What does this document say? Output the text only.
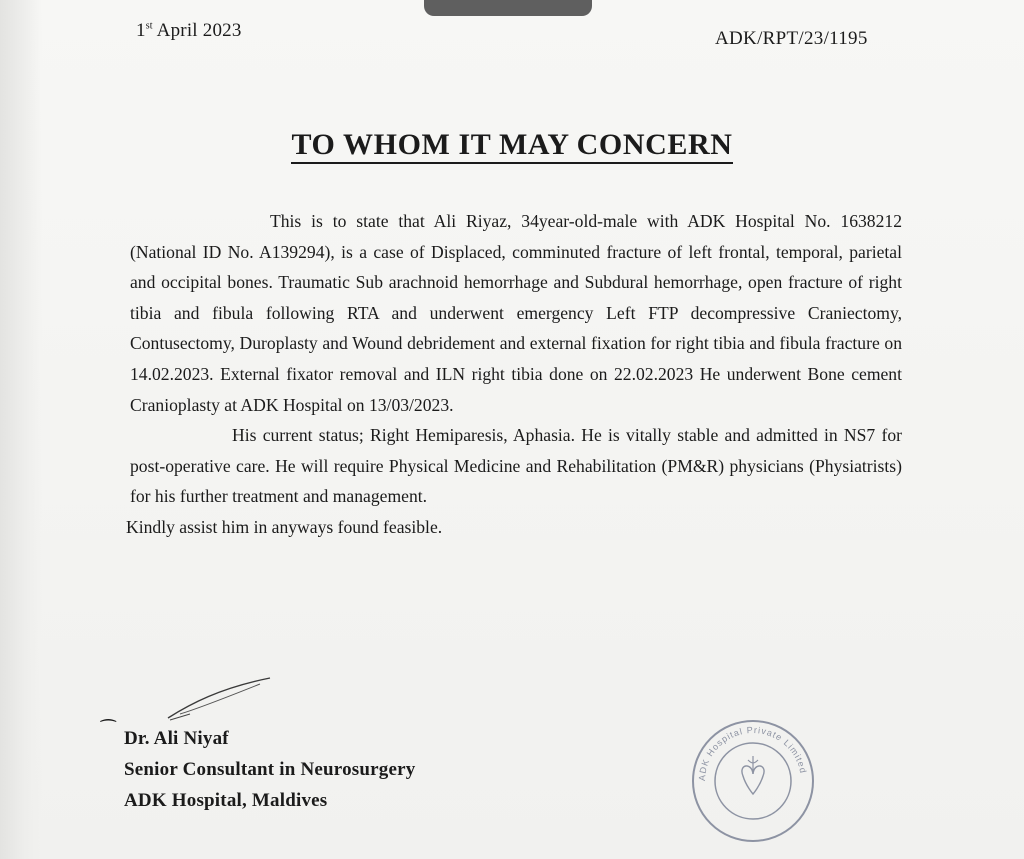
1st April 2023	ADK/RPT/23/1195
TO WHOM IT MAY CONCERN

This is to state that Ali Riyaz, 34year-old-male with ADK Hospital No. 1638212 (National ID No. A139294), is a case of Displaced, comminuted fracture of left frontal, temporal, parietal and occipital bones. Traumatic Sub arachnoid hemorrhage and Subdural hemorrhage, open fracture of right tibia and fibula following RTA and underwent emergency Left FTP decompressive Craniectomy, Contusectomy, Duroplasty and Wound debridement and external fixation for right tibia and fibula fracture on 14.02.2023. External fixator removal and ILN right tibia done on 22.02.2023 He underwent Bone cement Cranioplasty at ADK Hospital on 13/03/2023.

His current status; Right Hemiparesis, Aphasia. He is vitally stable and admitted in NS7 for post-operative care. He will require Physical Medicine and Rehabilitation (PM&R) physicians (Physiatrists) for his further treatment and management.

Kindly assist him in anyways found feasible.

⁀ Dr. Ali Niyaf
Senior Consultant in Neurosurgery
ADK Hospital, Maldives
ADK Hospital Private Limited
